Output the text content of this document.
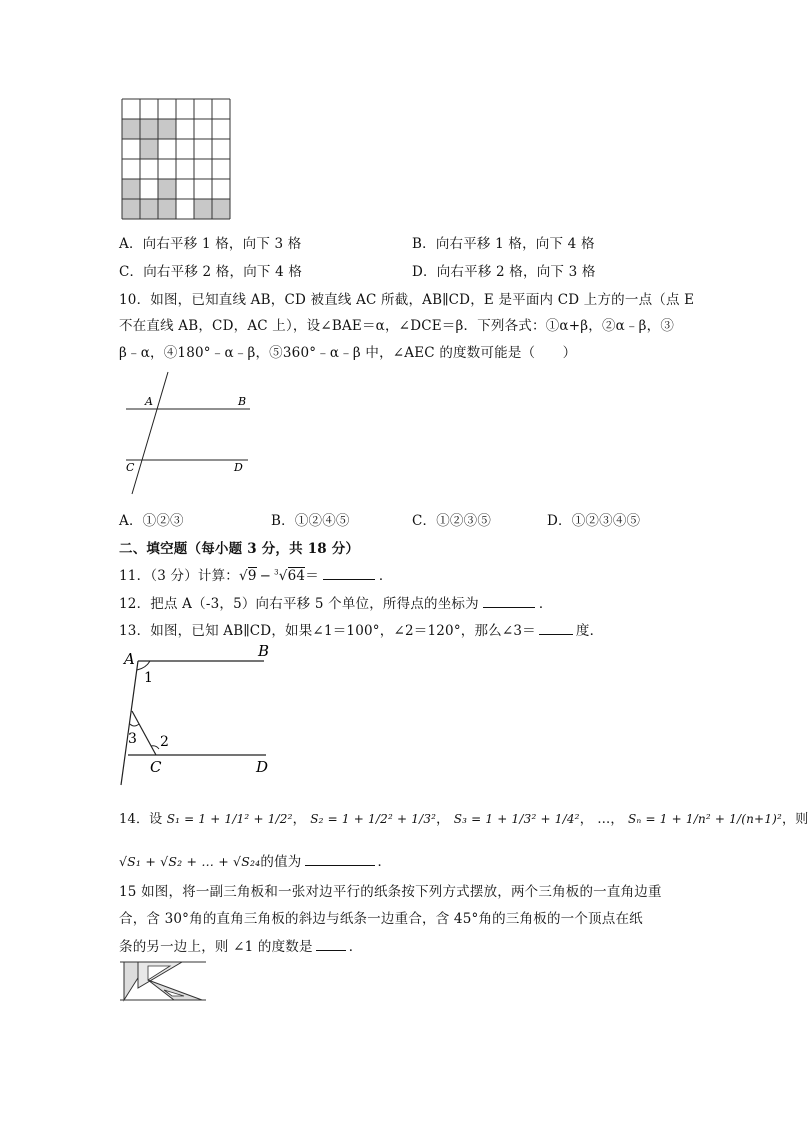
A．向右平移 1 格，向下 3 格	B．向右平移 1 格，向下 4 格
C．向右平移 2 格，向下 4 格	D．向右平移 2 格，向下 3 格
10．如图，已知直线 AB，CD 被直线 AC 所截，AB∥CD，E 是平面内 CD 上方的一点（点 E
不在直线 AB，CD，AC 上），设∠BAE＝α，∠DCE＝β．下列各式：①α+β，②α﹣β，③
β﹣α，④180°﹣α﹣β，⑤360°﹣α﹣β 中，∠AEC 的度数可能是（　　）
A	B
C	D
A．①②③	B．①②④⑤	C．①②③⑤	D．①②③④⑤
二、填空题（每小题 3 分，共 18 分）
11．（3 分）计算：√9 − $^3$√64＝	．
12．把点 A（-3，5）向右平移 5 个单位，所得点的坐标为	．
13．如图，已知 AB∥CD，如果∠1＝100°，∠2＝120°，那么∠3＝	度．
A	B
C	D
1
3 2
14．设 S₁ = 1 + 1/1² + 1/2²， S₂ = 1 + 1/2² + 1/3²， S₃ = 1 + 1/3² + 1/4²， …， Sₙ = 1 + 1/n² + 1/(n+1)²，则
√S₁ + √S₂ + … + √S₂₄的值为	．
15 如图，将一副三角板和一张对边平行的纸条按下列方式摆放，两个三角板的一直角边重
合，含 30°角的直角三角板的斜边与纸条一边重合，含 45°角的三角板的一个顶点在纸
条的另一边上，则 ∠1 的度数是	．
